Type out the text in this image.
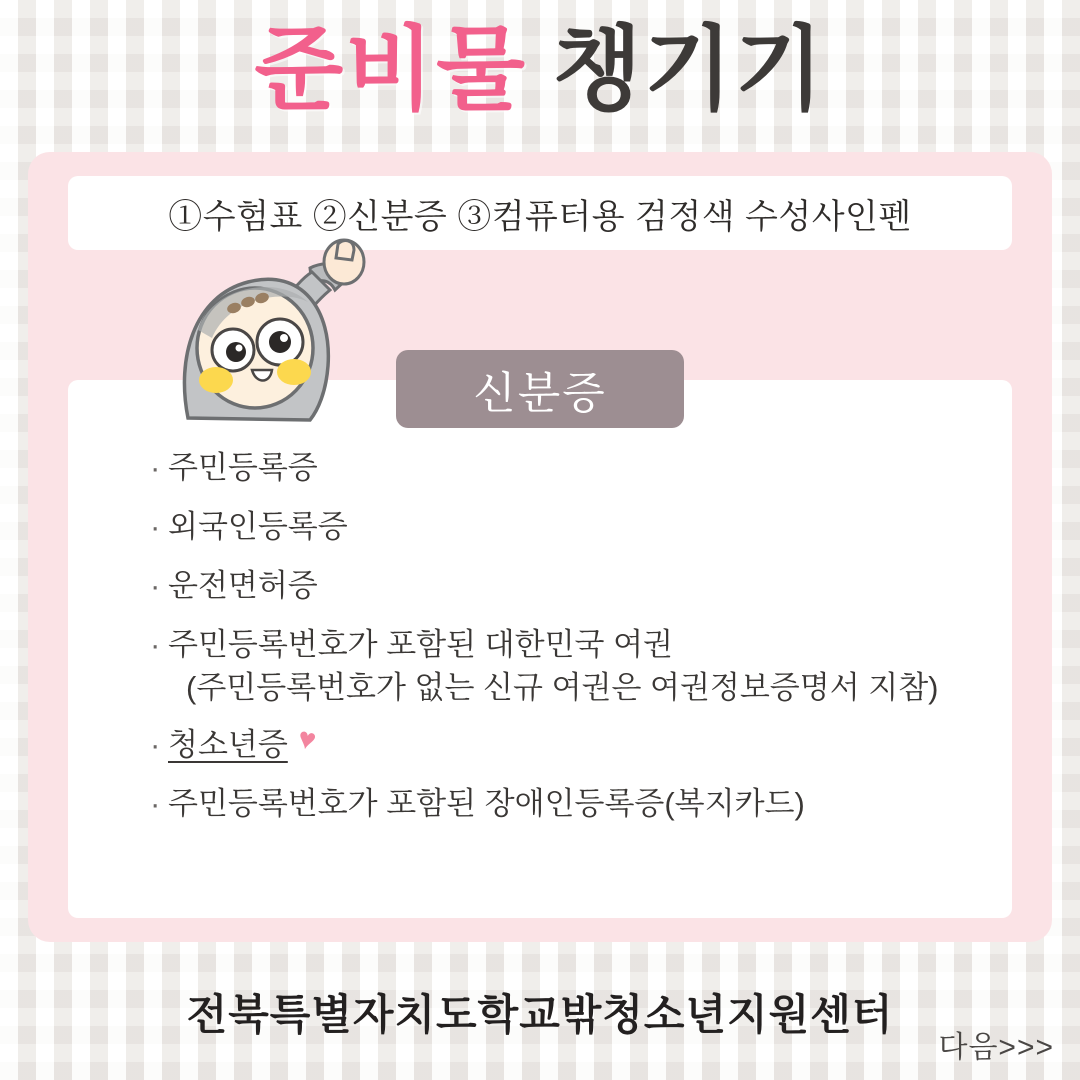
준비물 챙기기
①수험표 ②신분증 ③컴퓨터용 검정색 수성사인펜
신분증
· 주민등록증
· 외국인등록증
· 운전면허증
· 주민등록번호가 포함된 대한민국 여권
(주민등록번호가 없는 신규 여권은 여권정보증명서 지참)
· 청소년증 ♥
· 주민등록번호가 포함된 장애인등록증(복지카드)
전북특별자치도학교밖청소년지원센터
다음>>>
